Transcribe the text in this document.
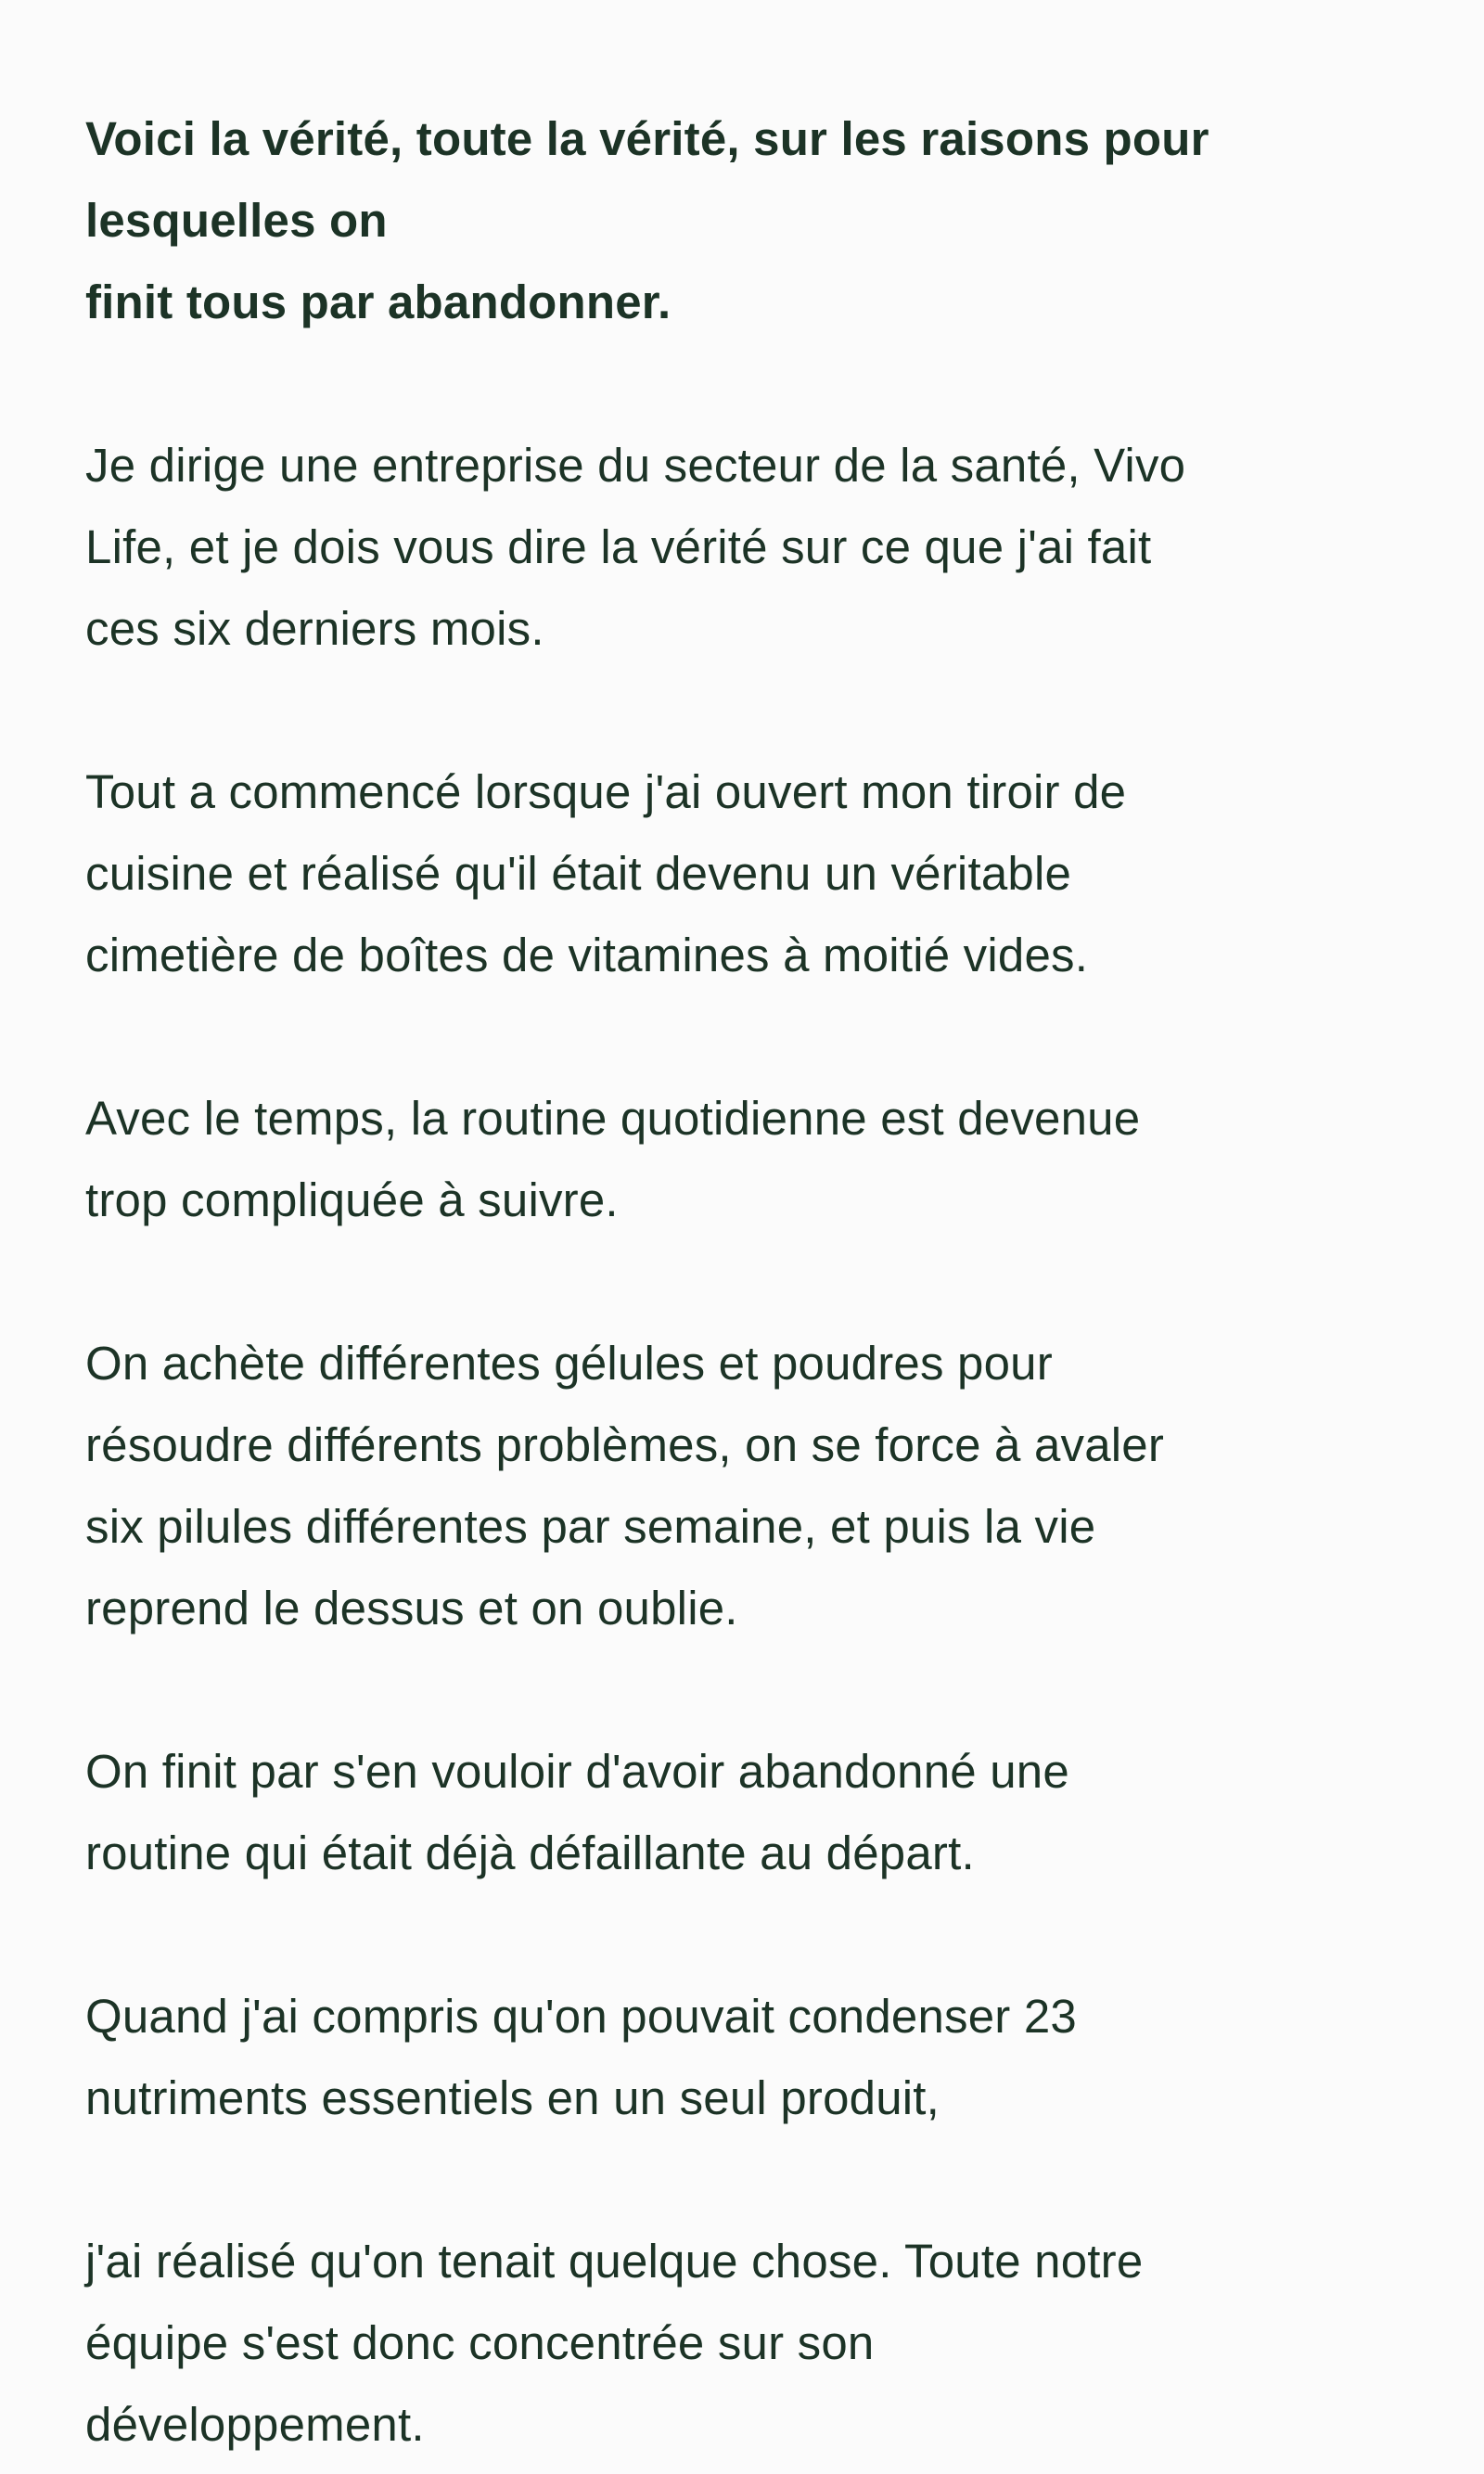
Voici la vérité, toute la vérité, sur les raisons pour
lesquelles on
finit tous par abandonner.

Je dirige une entreprise du secteur de la santé, Vivo
Life, et je dois vous dire la vérité sur ce que j'ai fait
ces six derniers mois.

Tout a commencé lorsque j'ai ouvert mon tiroir de
cuisine et réalisé qu'il était devenu un véritable
cimetière de boîtes de vitamines à moitié vides.

Avec le temps, la routine quotidienne est devenue
trop compliquée à suivre.

On achète différentes gélules et poudres pour
résoudre différents problèmes, on se force à avaler
six pilules différentes par semaine, et puis la vie
reprend le dessus et on oublie.

On finit par s'en vouloir d'avoir abandonné une
routine qui était déjà défaillante au départ.

Quand j'ai compris qu'on pouvait condenser 23
nutriments essentiels en un seul produit,

j'ai réalisé qu'on tenait quelque chose. Toute notre
équipe s'est donc concentrée sur son
développement.
